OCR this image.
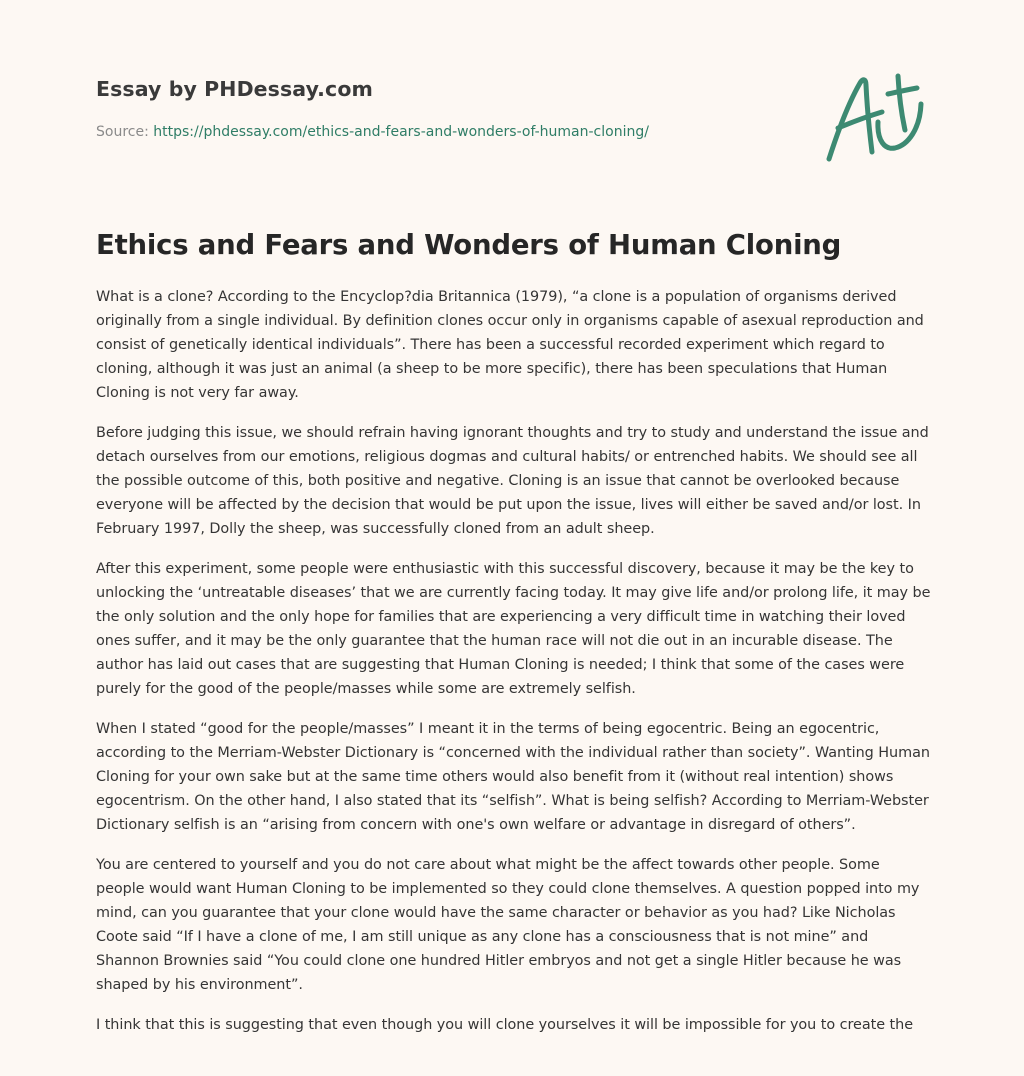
Essay by PHDessay.com
Source: https://phdessay.com/ethics-and-fears-and-wonders-of-human-cloning/
Ethics and Fears and Wonders of Human Cloning

What is a clone? According to the Encyclop?dia Britannica (1979), “a clone is a population of organisms derived originally from a single individual. By definition clones occur only in organisms capable of asexual reproduction and consist of genetically identical individuals”. There has been a successful recorded experiment which regard to cloning, although it was just an animal (a sheep to be more specific), there has been speculations that Human Cloning is not very far away.

Before judging this issue, we should refrain having ignorant thoughts and try to study and understand the issue and detach ourselves from our emotions, religious dogmas and cultural habits/ or entrenched habits. We should see all the possible outcome of this, both positive and negative. Cloning is an issue that cannot be overlooked because everyone will be affected by the decision that would be put upon the issue, lives will either be saved and/or lost. In February 1997, Dolly the sheep, was successfully cloned from an adult sheep.

After this experiment, some people were enthusiastic with this successful discovery, because it may be the key to unlocking the ‘untreatable diseases’ that we are currently facing today. It may give life and/or prolong life, it may be the only solution and the only hope for families that are experiencing a very difficult time in watching their loved ones suffer, and it may be the only guarantee that the human race will not die out in an incurable disease. The author has laid out cases that are suggesting that Human Cloning is needed; I think that some of the cases were purely for the good of the people/masses while some are extremely selfish.

When I stated “good for the people/masses” I meant it in the terms of being egocentric. Being an egocentric, according to the Merriam-Webster Dictionary is “concerned with the individual rather than society”. Wanting Human Cloning for your own sake but at the same time others would also benefit from it (without real intention) shows egocentrism. On the other hand, I also stated that its “selfish”. What is being selfish? According to Merriam-Webster Dictionary selfish is an “arising from concern with one's own welfare or advantage in disregard of others”.

You are centered to yourself and you do not care about what might be the affect towards other people. Some people would want Human Cloning to be implemented so they could clone themselves. A question popped into my mind, can you guarantee that your clone would have the same character or behavior as you had? Like Nicholas Coote said “If I have a clone of me, I am still unique as any clone has a consciousness that is not mine” and Shannon Brownies said “You could clone one hundred Hitler embryos and not get a single Hitler because he was shaped by his environment”.

I think that this is suggesting that even though you will clone yourselves it will be impossible for you to create the
